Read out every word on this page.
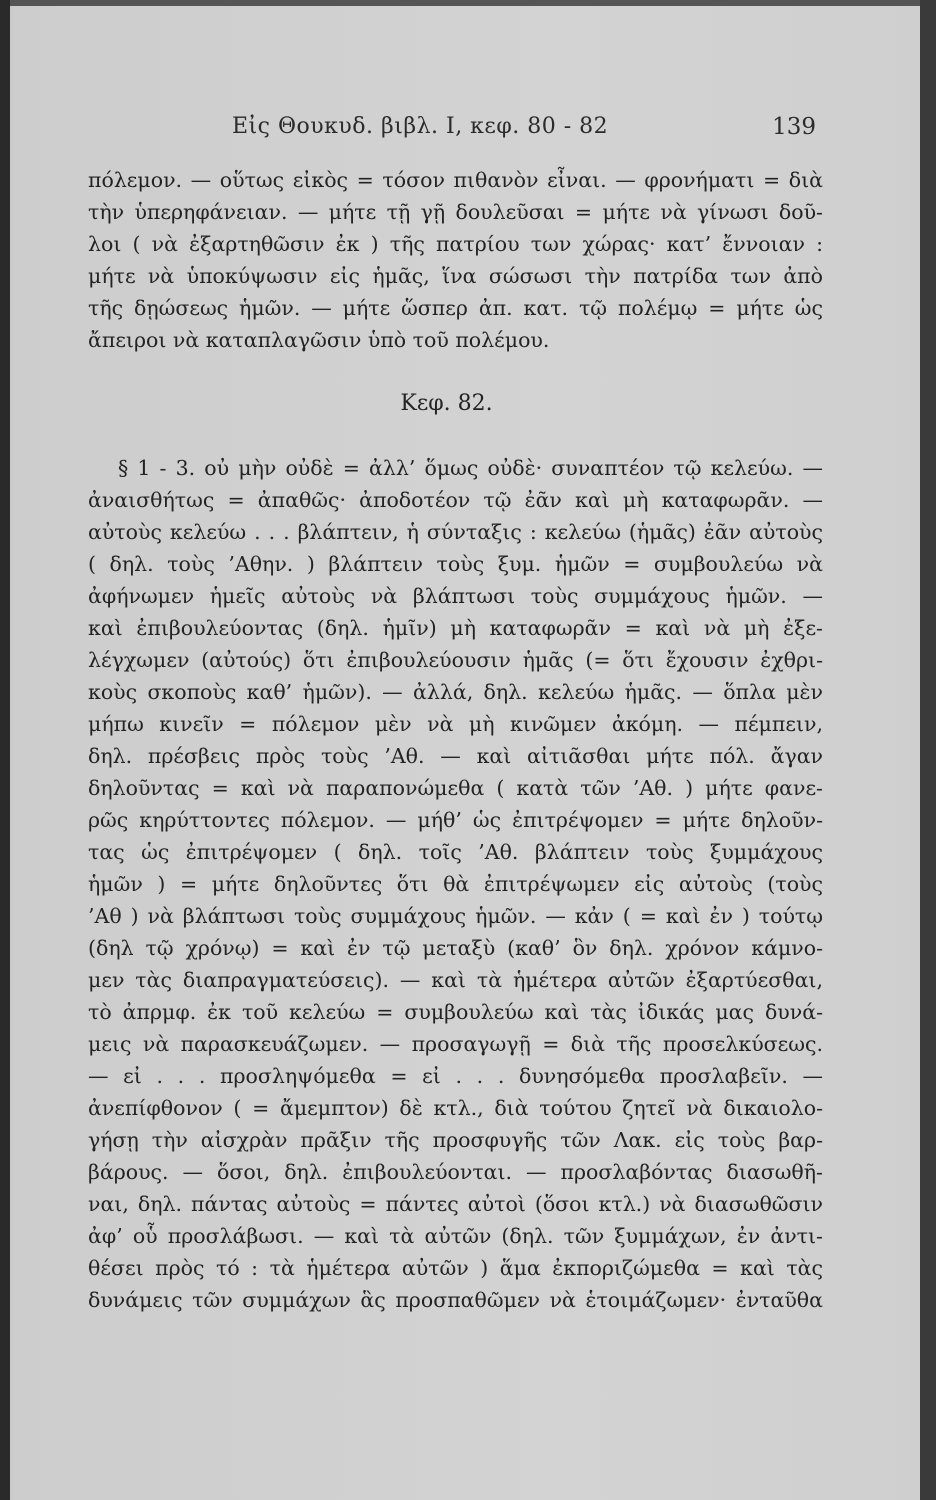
Εἰς Θουκυδ. βιβλ. Ι, κεφ. 80 - 82	139
πόλεμον. — οὕτως εἰκὸς = τόσον πιθανὸν εἶναι. — φρονήματι = διὰ
τὴν ὑπερηφάνειαν. — μήτε τῇ γῇ δουλεῦσαι = μήτε νὰ γίνωσι δοῦ-
λοι ( νὰ ἐξαρτηθῶσιν ἐκ ) τῆς πατρίου των χώρας· κατ’ ἔννοιαν :
μήτε νὰ ὑποκύψωσιν εἰς ἡμᾶς, ἵνα σώσωσι τὴν πατρίδα των ἀπὸ
τῆς δῃώσεως ἡμῶν. — μήτε ὥσπερ ἀπ. κατ. τῷ πολέμῳ = μήτε ὡς
ἄπειροι νὰ καταπλαγῶσιν ὑπὸ τοῦ πολέμου.
Κεφ. 82.
§ 1 - 3. οὐ μὴν οὐδὲ = ἀλλ’ ὅμως οὐδὲ· συναπτέον τῷ κελεύω. —
ἀναισθήτως = ἀπαθῶς· ἀποδοτέον τῷ ἐᾶν καὶ μὴ καταφωρᾶν. —
αὐτοὺς κελεύω . . . βλάπτειν, ἡ σύνταξις : κελεύω (ἡμᾶς) ἐᾶν αὐτοὺς
( δηλ. τοὺς ’Αθην. ) βλάπτειν τοὺς ξυμ. ἡμῶν = συμβουλεύω νὰ
ἀφήνωμεν ἡμεῖς αὐτοὺς νὰ βλάπτωσι τοὺς συμμάχους ἡμῶν. —
καὶ ἐπιβουλεύοντας (δηλ. ἡμῖν) μὴ καταφωρᾶν = καὶ νὰ μὴ ἐξε-
λέγχωμεν (αὐτούς) ὅτι ἐπιβουλεύουσιν ἡμᾶς (= ὅτι ἔχουσιν ἐχθρι-
κοὺς σκοποὺς καθ’ ἡμῶν). — ἀλλά, δηλ. κελεύω ἡμᾶς. — ὅπλα μὲν
μήπω κινεῖν = πόλεμον μὲν νὰ μὴ κινῶμεν ἀκόμη. — πέμπειν,
δηλ. πρέσβεις πρὸς τοὺς ’Αθ. — καὶ αἰτιᾶσθαι μήτε πόλ. ἄγαν
δηλοῦντας = καὶ νὰ παραπονώμεθα ( κατὰ τῶν ’Αθ. ) μήτε φανε-
ρῶς κηρύττοντες πόλεμον. — μήθ’ ὡς ἐπιτρέψομεν = μήτε δηλοῦν-
τας ὡς ἐπιτρέψομεν ( δηλ. τοῖς ’Αθ. βλάπτειν τοὺς ξυμμάχους
ἡμῶν ) = μήτε δηλοῦντες ὅτι θὰ ἐπιτρέψωμεν εἰς αὐτοὺς (τοὺς
’Αθ ) νὰ βλάπτωσι τοὺς συμμάχους ἡμῶν. — κἀν ( = καὶ ἐν ) τούτῳ
(δηλ τῷ χρόνῳ) = καὶ ἐν τῷ μεταξὺ (καθ’ ὃν δηλ. χρόνον κάμνο-
μεν τὰς διαπραγματεύσεις). — καὶ τὰ ἡμέτερα αὐτῶν ἐξαρτύεσθαι,
τὸ ἀπρμφ. ἐκ τοῦ κελεύω = συμβουλεύω καὶ τὰς ἰδικάς μας δυνά-
μεις νὰ παρασκευάζωμεν. — προσαγωγῇ = διὰ τῆς προσελκύσεως.
— εἰ . . . προσληψόμεθα = εἰ . . . δυνησόμεθα προσλαβεῖν. —
ἀνεπίφθονον ( = ἄμεμπτον) δὲ κτλ., διὰ τούτου ζητεῖ νὰ δικαιολο-
γήσῃ τὴν αἰσχρὰν πρᾶξιν τῆς προσφυγῆς τῶν Λακ. εἰς τοὺς βαρ-
βάρους. — ὅσοι, δηλ. ἐπιβουλεύονται. — προσλαβόντας διασωθῆ-
ναι, δηλ. πάντας αὐτοὺς = πάντες αὐτοὶ (ὅσοι κτλ.) νὰ διασωθῶσιν
ἀφ’ οὗ προσλάβωσι. — καὶ τὰ αὐτῶν (δηλ. τῶν ξυμμάχων, ἐν ἀντι-
θέσει πρὸς τό : τὰ ἡμέτερα αὐτῶν ) ἅμα ἐκποριζώμεθα = καὶ τὰς
δυνάμεις τῶν συμμάχων ἃς προσπαθῶμεν νὰ ἑτοιμάζωμεν· ἐνταῦθα
